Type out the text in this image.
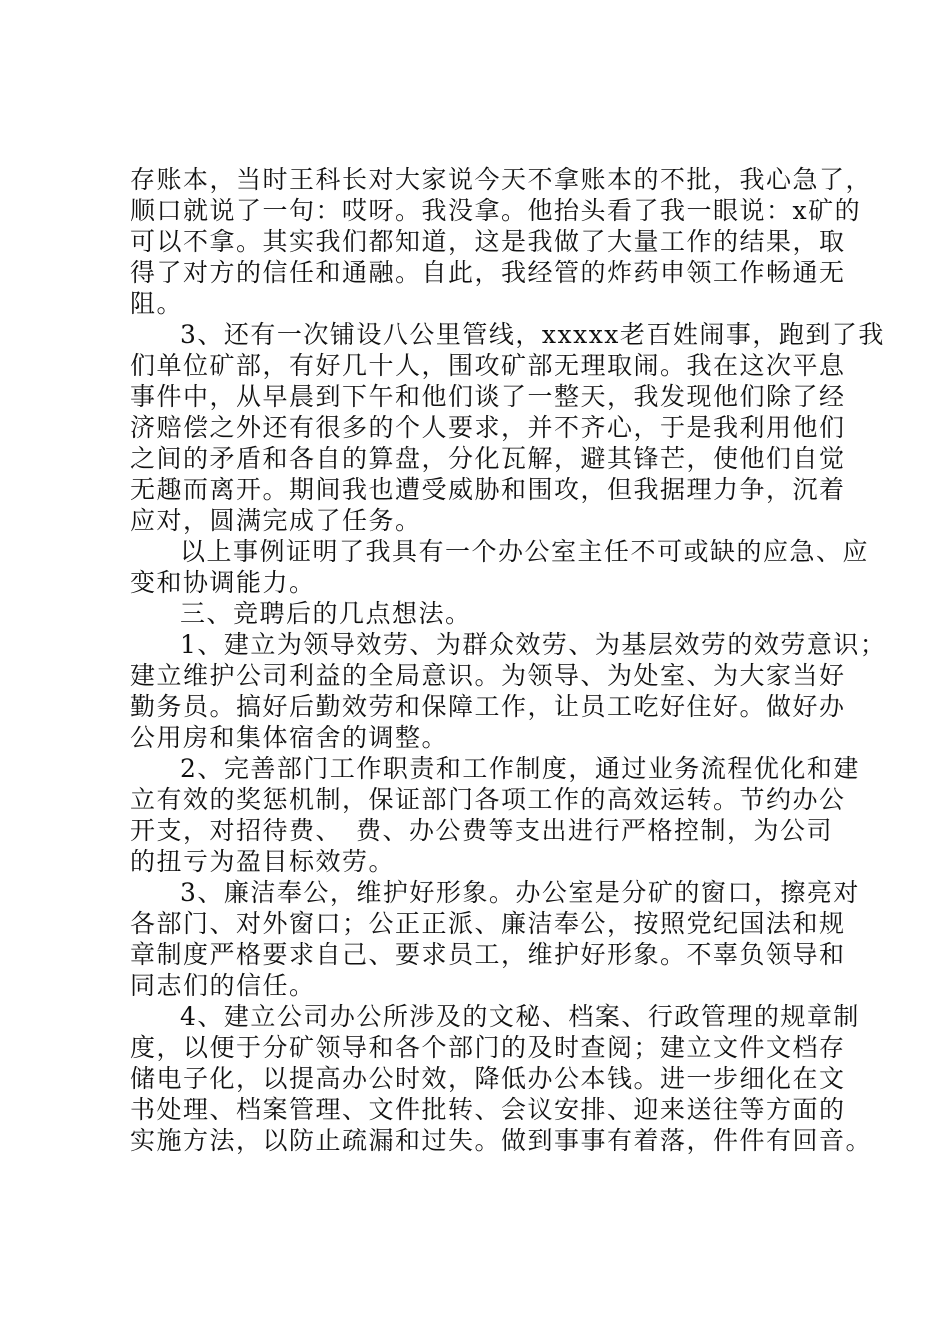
存账本，当时王科长对大家说今天不拿账本的不批，我心急了，
顺口就说了一句：哎呀。我没拿。他抬头看了我一眼说：x矿的
可以不拿。其实我们都知道，这是我做了大量工作的结果，取
得了对方的信任和通融。自此，我经管的炸药申领工作畅通无
阻。

3、还有一次铺设八公里管线，xxxxx老百姓闹事，跑到了我
们单位矿部，有好几十人，围攻矿部无理取闹。我在这次平息
事件中，从早晨到下午和他们谈了一整天，我发现他们除了经
济赔偿之外还有很多的个人要求，并不齐心，于是我利用他们
之间的矛盾和各自的算盘，分化瓦解，避其锋芒，使他们自觉
无趣而离开。期间我也遭受威胁和围攻，但我据理力争，沉着
应对，圆满完成了任务。

以上事例证明了我具有一个办公室主任不可或缺的应急、应
变和协调能力。

三、竞聘后的几点想法。

1、建立为领导效劳、为群众效劳、为基层效劳的效劳意识；
建立维护公司利益的全局意识。为领导、为处室、为大家当好
勤务员。搞好后勤效劳和保障工作，让员工吃好住好。做好办
公用房和集体宿舍的调整。

2、完善部门工作职责和工作制度，通过业务流程优化和建
立有效的奖惩机制，保证部门各项工作的高效运转。节约办公
开支，对招待费、　费、办公费等支出进行严格控制，为公司
的扭亏为盈目标效劳。

3、廉洁奉公，维护好形象。办公室是分矿的窗口，擦亮对
各部门、对外窗口；公正正派、廉洁奉公，按照党纪国法和规
章制度严格要求自己、要求员工，维护好形象。不辜负领导和
同志们的信任。

4、建立公司办公所涉及的文秘、档案、行政管理的规章制
度，以便于分矿领导和各个部门的及时查阅；建立文件文档存
储电子化，以提高办公时效，降低办公本钱。进一步细化在文
书处理、档案管理、文件批转、会议安排、迎来送往等方面的
实施方法，以防止疏漏和过失。做到事事有着落，件件有回音。
